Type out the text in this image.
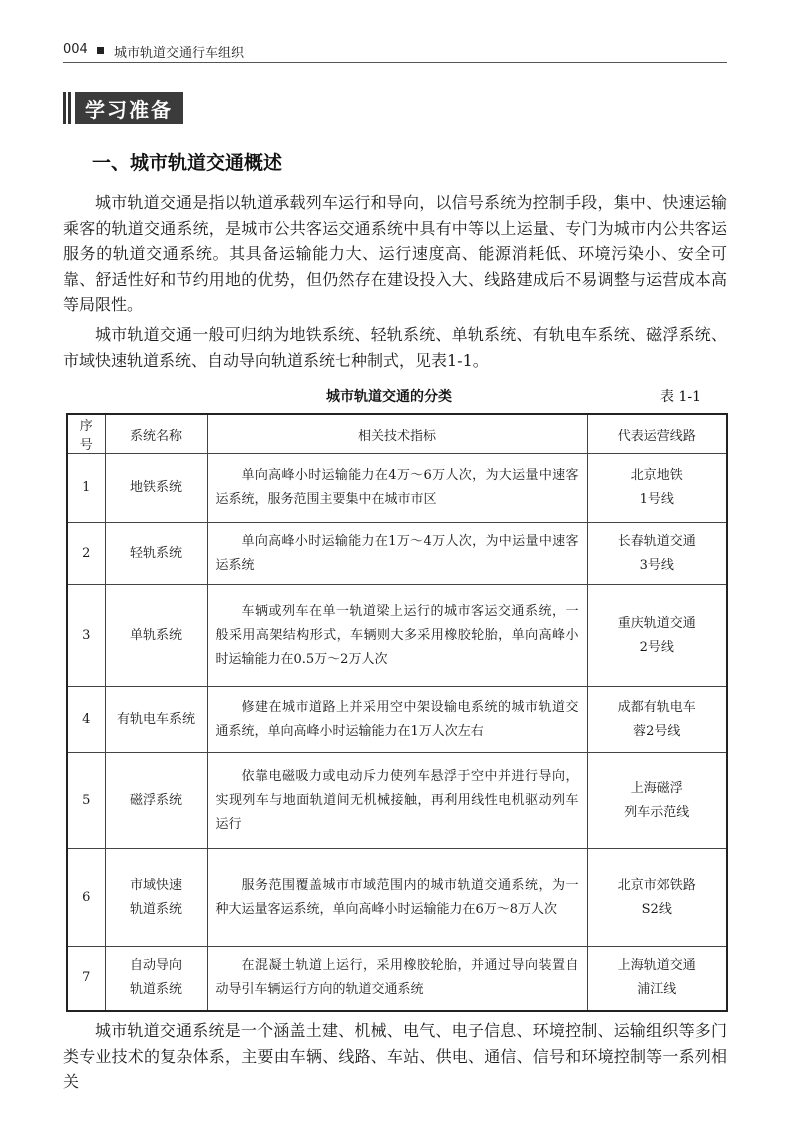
004 城市轨道交通行车组织
学习准备
一、城市轨道交通概述

城市轨道交通是指以轨道承载列车运行和导向，以信号系统为控制手段，集中、快速运输乘客的轨道交通系统，是城市公共客运交通系统中具有中等以上运量、专门为城市内公共客运服务的轨道交通系统。其具备运输能力大、运行速度高、能源消耗低、环境污染小、安全可靠、舒适性好和节约用地的优势，但仍然存在建设投入大、线路建成后不易调整与运营成本高等局限性。

城市轨道交通一般可归纳为地铁系统、轻轨系统、单轨系统、有轨电车系统、磁浮系统、市域快速轨道系统、自动导向轨道系统七种制式，见表1-1。

城市轨道交通的分类	表 1-1
序号	系统名称	相关技术指标	代表运营线路
1	地铁系统	单向高峰小时运输能力在4万～6万人次，为大运量中速客运系统，服务范围主要集中在城市市区	北京地铁
1号线

2	轻轨系统	单向高峰小时运输能力在1万～4万人次，为中运量中速客运系统	长春轨道交通
3号线

3	单轨系统	车辆或列车在单一轨道梁上运行的城市客运交通系统，一般采用高架结构形式，车辆则大多采用橡胶轮胎，单向高峰小时运输能力在0.5万～2万人次	重庆轨道交通
2号线

4	有轨电车系统	修建在城市道路上并采用空中架设输电系统的城市轨道交通系统，单向高峰小时运输能力在1万人次左右	成都有轨电车
蓉2号线

5	磁浮系统	依靠电磁吸力或电动斥力使列车悬浮于空中并进行导向，实现列车与地面轨道间无机械接触，再利用线性电机驱动列车运行	上海磁浮
列车示范线

6	市域快速
轨道系统	服务范围覆盖城市市域范围内的城市轨道交通系统，为一种大运量客运系统，单向高峰小时运输能力在6万～8万人次	北京市郊铁路
S2线

7	自动导向
轨道系统	在混凝土轨道上运行，采用橡胶轮胎，并通过导向装置自动导引车辆运行方向的轨道交通系统	上海轨道交通
浦江线

城市轨道交通系统是一个涵盖土建、机械、电气、电子信息、环境控制、运输组织等多门类专业技术的复杂体系，主要由车辆、线路、车站、供电、通信、信号和环境控制等一系列相关
